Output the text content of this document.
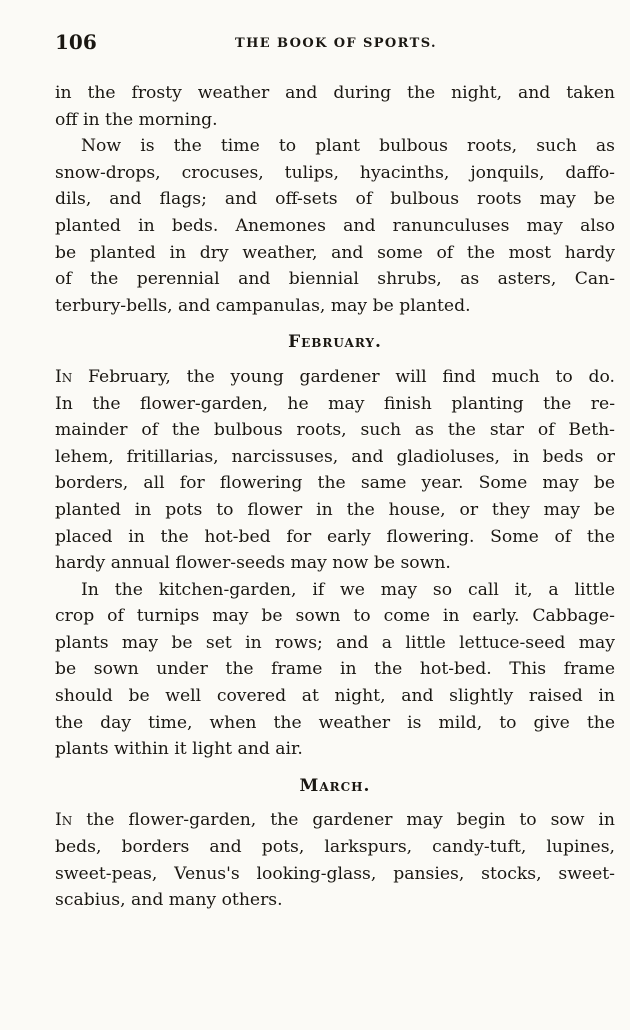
106	THE BOOK OF SPORTS.
in the frosty weather and during the night, and taken
off in the morning.
Now is the time to plant bulbous roots, such as
snow-drops, crocuses, tulips, hyacinths, jonquils, daffo-
dils, and flags; and off-sets of bulbous roots may be
planted in beds. Anemones and ranunculuses may also
be planted in dry weather, and some of the most hardy
of the perennial and biennial shrubs, as asters, Can-
terbury-bells, and campanulas, may be planted.
February.
In February, the young gardener will find much to do.
In the flower-garden, he may finish planting the re-
mainder of the bulbous roots, such as the star of Beth-
lehem, fritillarias, narcissuses, and gladioluses, in beds or
borders, all for flowering the same year. Some may be
planted in pots to flower in the house, or they may be
placed in the hot-bed for early flowering. Some of the
hardy annual flower-seeds may now be sown.
In the kitchen-garden, if we may so call it, a little
crop of turnips may be sown to come in early. Cabbage-
plants may be set in rows; and a little lettuce-seed may
be sown under the frame in the hot-bed. This frame
should be well covered at night, and slightly raised in
the day time, when the weather is mild, to give the
plants within it light and air.
March.
In the flower-garden, the gardener may begin to sow in
beds, borders and pots, larkspurs, candy-tuft, lupines,
sweet-peas, Venus's looking-glass, pansies, stocks, sweet-
scabius, and many others.
